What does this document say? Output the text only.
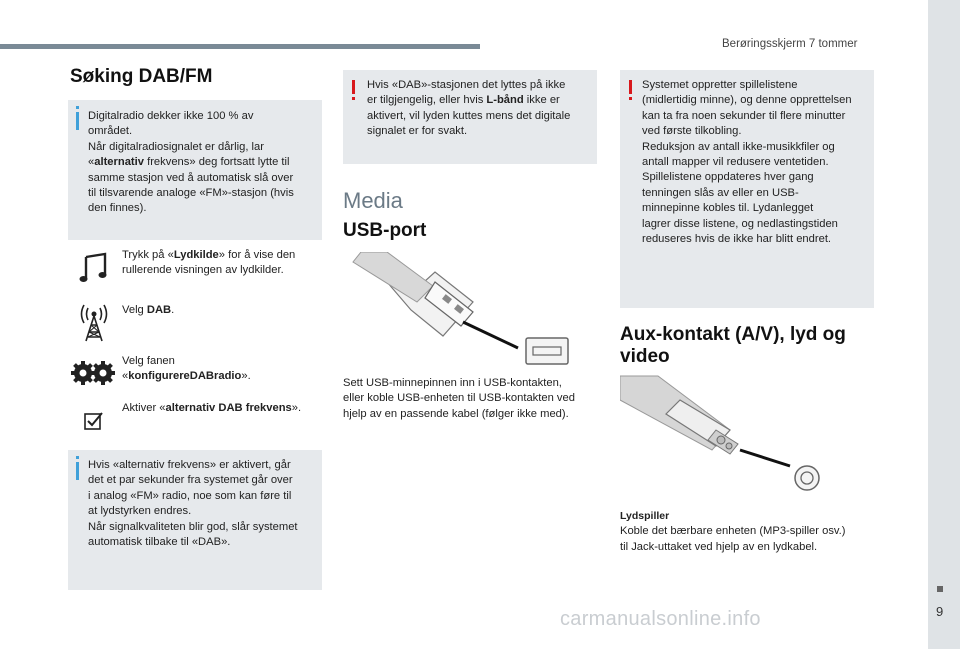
Berøringsskjerm 7 tommer
9
Søking DAB/FM

Digitalradio dekker ikke 100 % av

området.

Når digitalradiosignalet er dårlig, lar

«alternativ frekvens» deg fortsatt lytte til

samme stasjon ved å automatisk slå over

til tilsvarende analoge «FM»-stasjon (hvis

den finnes).

Trykk på «Lydkilde» for å vise den

rullerende visningen av lydkilder.

Velg DAB.

Velg fanen

«konfigurereDABradio».

Aktiver «alternativ DAB frekvens».

Hvis «alternativ frekvens» er aktivert, går

det et par sekunder fra systemet går over

i analog «FM» radio, noe som kan føre til

at lydstyrken endres.

Når signalkvaliteten blir god, slår systemet

automatisk tilbake til «DAB».

Hvis «DAB»-stasjonen det lyttes på ikke

er tilgjengelig, eller hvis L-bånd ikke er

aktivert, vil lyden kuttes mens det digitale

signalet er for svakt.

Media
USB-port

Sett USB-minnepinnen inn i USB-kontakten,

eller koble USB-enheten til USB-kontakten ved

hjelp av en passende kabel (følger ikke med).

Systemet oppretter spillelistene

(midlertidig minne), og denne opprettelsen

kan ta fra noen sekunder til flere minutter

ved første tilkobling.

Reduksjon av antall ikke-musikkfiler og

antall mapper vil redusere ventetiden.

Spillelistene oppdateres hver gang

tenningen slås av eller en USB-

minnepinne kobles til. Lydanlegget

lagrer disse listene, og nedlastingstiden

reduseres hvis de ikke har blitt endret.

Aux-kontakt (A/V), lyd og
video

Lydspiller

Koble det bærbare enheten (MP3-spiller osv.)

til Jack-uttaket ved hjelp av en lydkabel.

carmanualsonline.info
